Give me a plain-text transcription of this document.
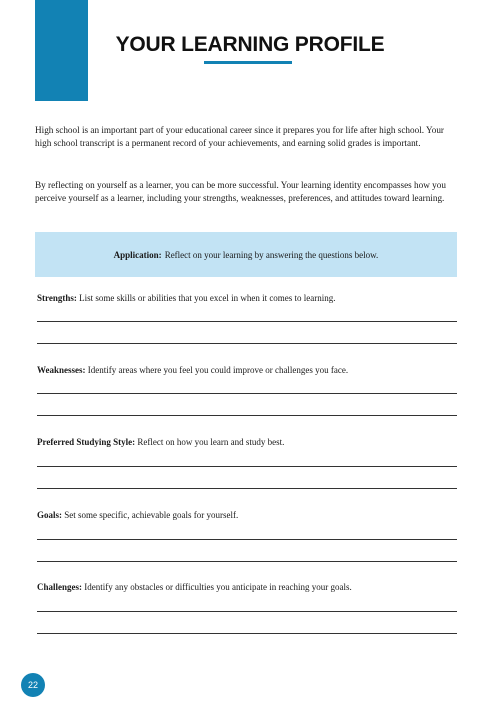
YOUR LEARNING PROFILE

High school is an important part of your educational career since it prepares you for life after high school. Your high school transcript is a permanent record of your achievements, and earning solid grades is important.

By reflecting on yourself as a learner, you can be more successful. Your learning identity encompasses how you perceive yourself as a learner, including your strengths, weaknesses, preferences, and attitudes toward learning.

Application: Reflect on your learning by answering the questions below.

Strengths: List some skills or abilities that you excel in when it comes to learning.

Weaknesses: Identify areas where you feel you could improve or challenges you face.

Preferred Studying Style: Reflect on how you learn and study best.

Goals: Set some specific, achievable goals for yourself.

Challenges: Identify any obstacles or difficulties you anticipate in reaching your goals.

22
